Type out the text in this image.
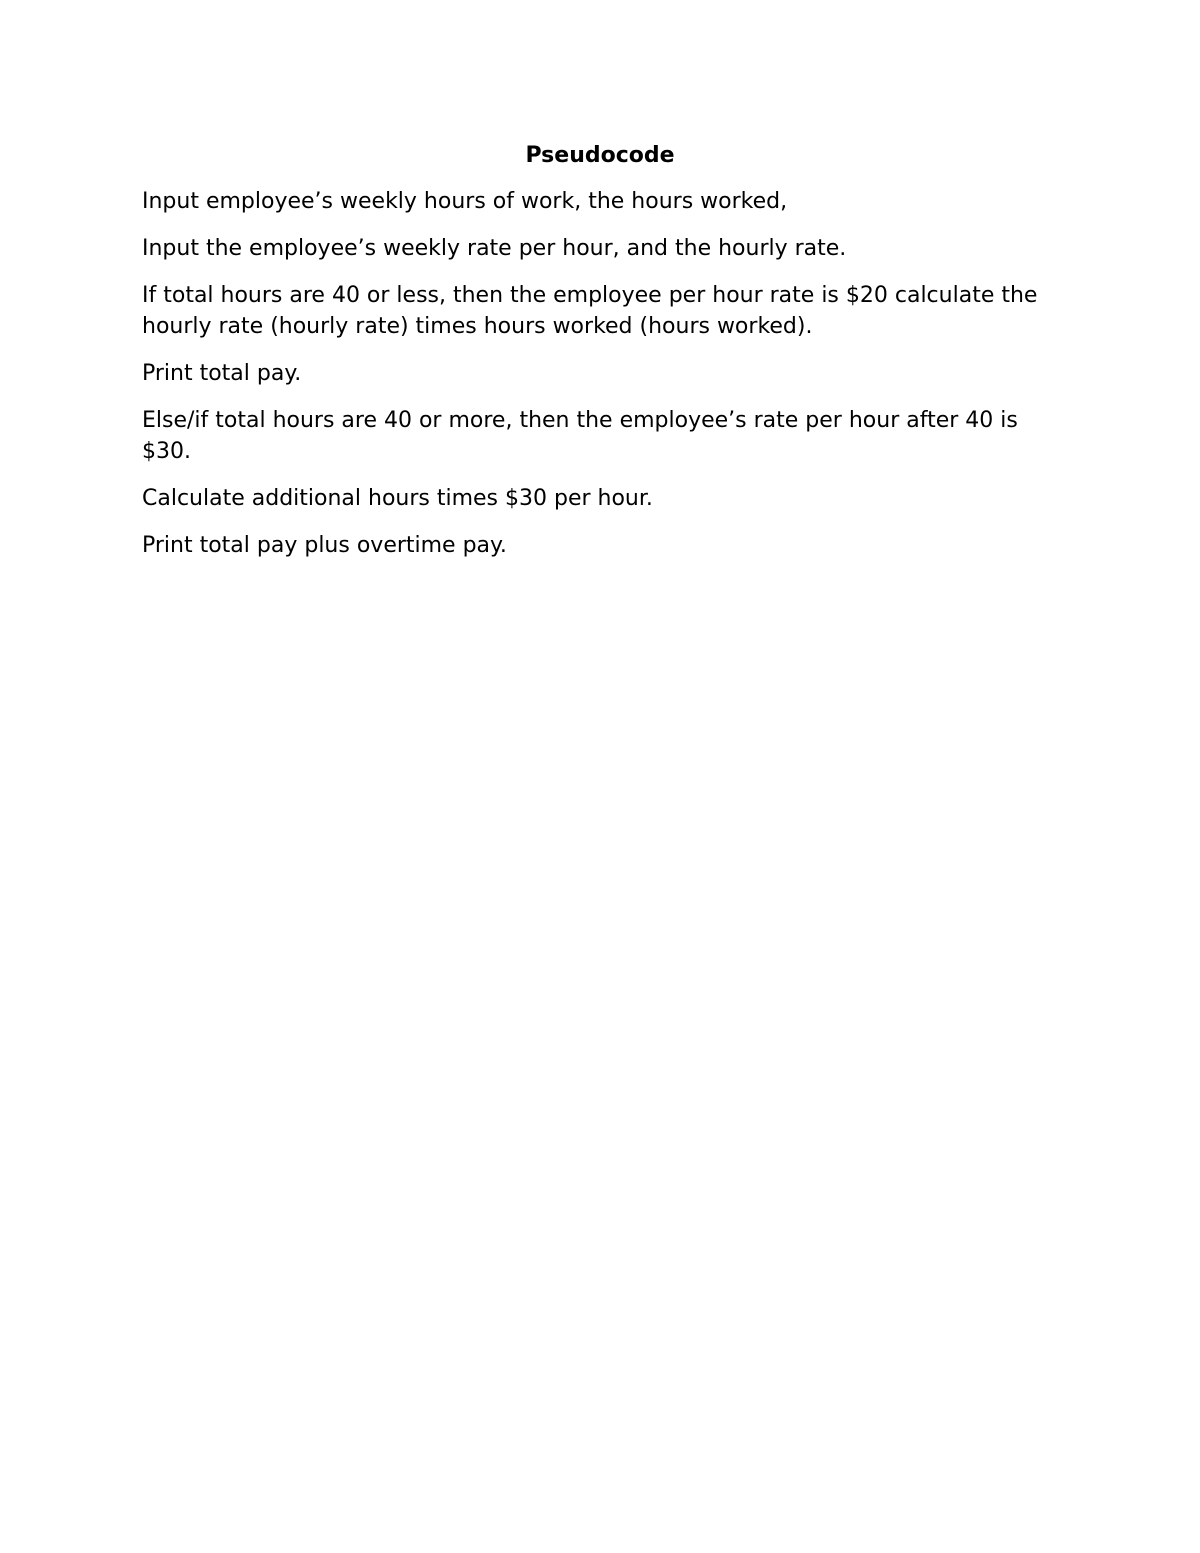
Pseudocode

Input employee’s weekly hours of work, the hours worked,

Input the employee’s weekly rate per hour, and the hourly rate.

If total hours are 40 or less, then the employee per hour rate is $20 calculate the hourly rate (hourly rate) times hours worked (hours worked).

Print total pay.

Else/if total hours are 40 or more, then the employee’s rate per hour after 40 is $30.

Calculate additional hours times $30 per hour.

Print total pay plus overtime pay.
